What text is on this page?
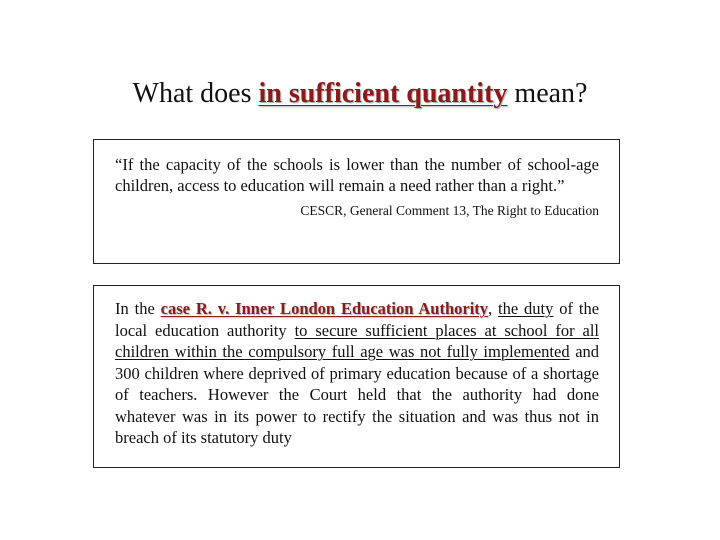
What does in sufficient quantity mean?

“If the capacity of the schools is lower than the number of school-age children, access to education will remain a need rather than a right.”

CESCR, General Comment 13, The Right to Education

In the case R. v. Inner London Education Authority, the duty of the local education authority to secure sufficient places at school for all children within the compulsory full age was not fully implemented and 300 children where deprived of primary education because of a shortage of teachers. However the Court held that the authority had done whatever was in its power to rectify the situation and was thus not in breach of its statutory duty
